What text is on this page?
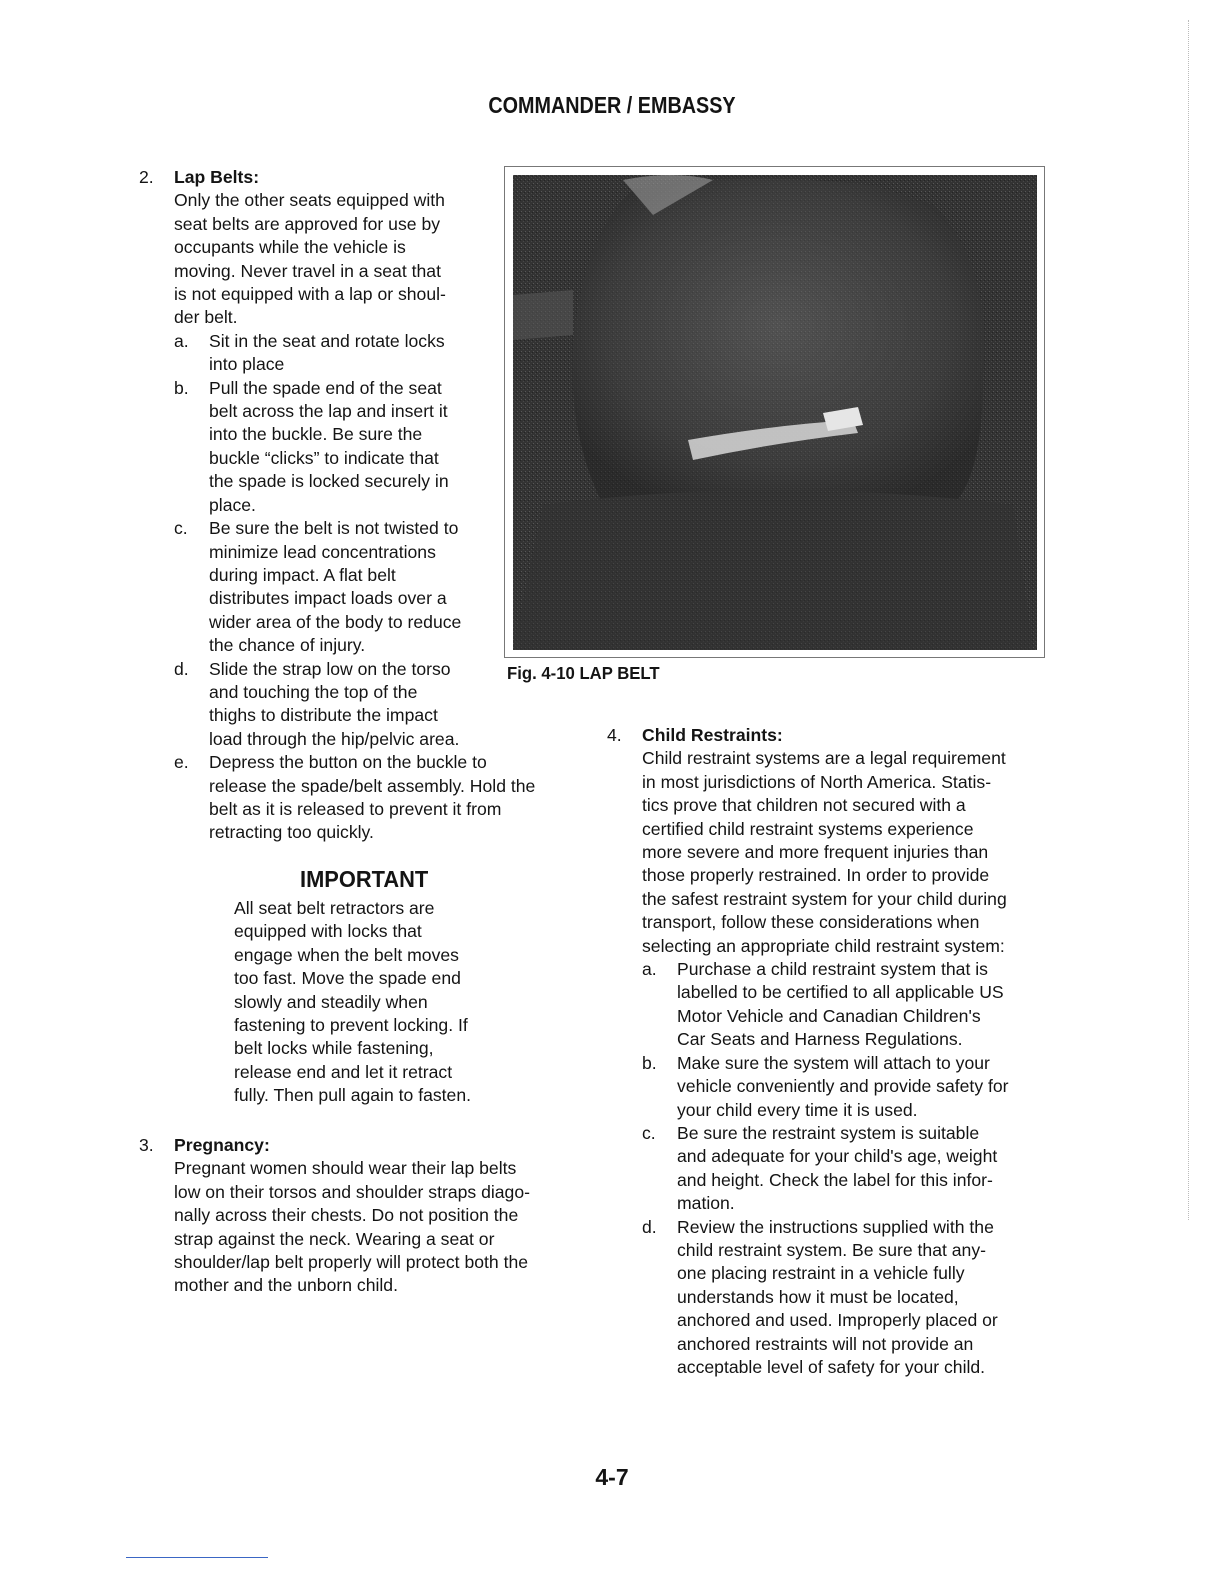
COMMANDER / EMBASSY
2. Lap Belts:
Only the other seats equipped with
seat belts are approved for use by
occupants while the vehicle is
moving. Never travel in a seat that
is not equipped with a lap or shoul-
der belt.
a. Sit in the seat and rotate locks
into place
b. Pull the spade end of the seat
belt across the lap and insert it
into the buckle. Be sure the
buckle “clicks” to indicate that
the spade is locked securely in
place.
c. Be sure the belt is not twisted to
minimize lead concentrations
during impact. A flat belt
distributes impact loads over a
wider area of the body to reduce
the chance of injury.
d. Slide the strap low on the torso
and touching the top of the
thighs to distribute the impact
load through the hip/pelvic area.
e. Depress the button on the buckle to
release the spade/belt assembly. Hold the
belt as it is released to prevent it from
retracting too quickly.
IMPORTANT
All seat belt retractors are
equipped with locks that
engage when the belt moves
too fast. Move the spade end
slowly and steadily when
fastening to prevent locking. If
belt locks while fastening,
release end and let it retract
fully. Then pull again to fasten.
3. Pregnancy:
Pregnant women should wear their lap belts
low on their torsos and shoulder straps diago-
nally across their chests. Do not position the
strap against the neck. Wearing a seat or
shoulder/lap belt properly will protect both the
mother and the unborn child.
Fig. 4-10 LAP BELT
4. Child Restraints:
Child restraint systems are a legal requirement
in most jurisdictions of North America. Statis-
tics prove that children not secured with a
certified child restraint systems experience
more severe and more frequent injuries than
those properly restrained. In order to provide
the safest restraint system for your child during
transport, follow these considerations when
selecting an appropriate child restraint system:
a. Purchase a child restraint system that is
labelled to be certified to all applicable US
Motor Vehicle and Canadian Children's
Car Seats and Harness Regulations.
b. Make sure the system will attach to your
vehicle conveniently and provide safety for
your child every time it is used.
c. Be sure the restraint system is suitable
and adequate for your child's age, weight
and height. Check the label for this infor-
mation.
d. Review the instructions supplied with the
child restraint system. Be sure that any-
one placing restraint in a vehicle fully
understands how it must be located,
anchored and used. Improperly placed or
anchored restraints will not provide an
acceptable level of safety for your child.
4-7
